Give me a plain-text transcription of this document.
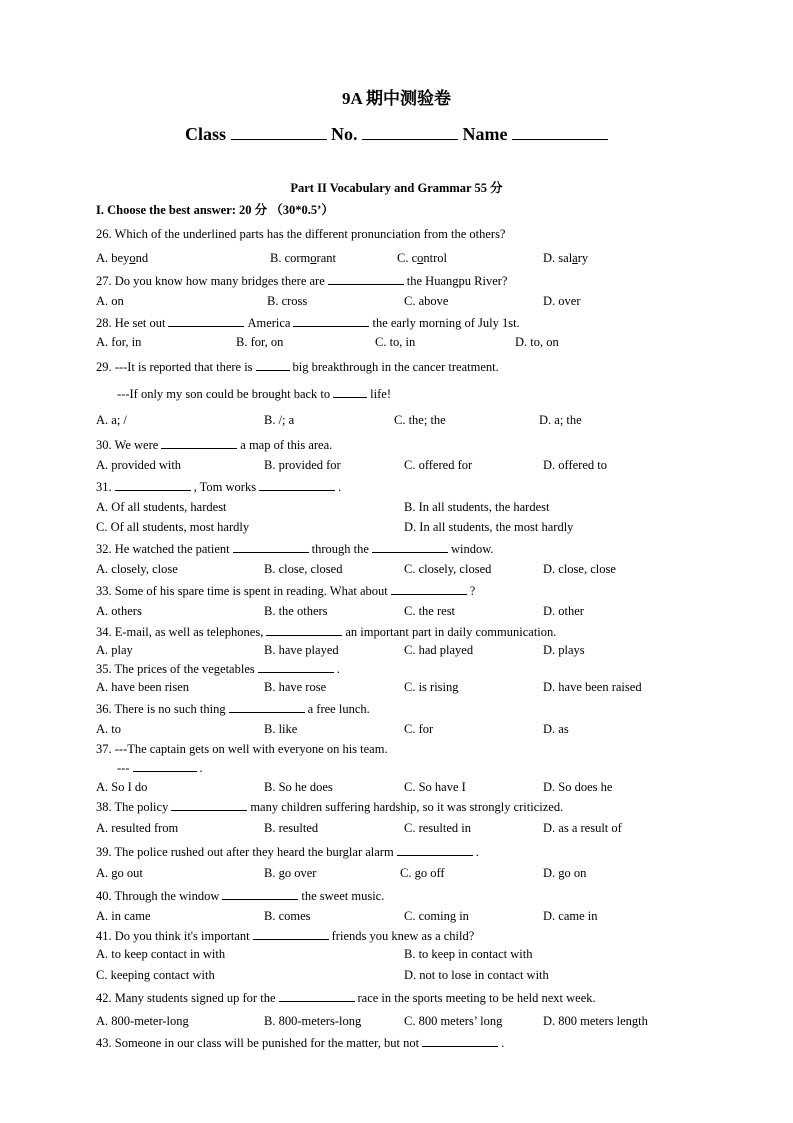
9A 期中测验卷
Class	No.	Name
Part II Vocabulary and Grammar 55 分
I. Choose the best answer: 20 分 （30*0.5’）
26. Which of the underlined parts has the different pronunciation from the others?
A. beyond	B. cormorant	C. control	D. salary
27. Do you know how many bridges there are	the Huangpu River?
A. on	B. cross	C. above	D. over
28. He set out	America	the early morning of July 1st.
A. for, in	B. for, on	C. to, in	D. to, on
29. ---It is reported that there is	big breakthrough in the cancer treatment.
---If only my son could be brought back to	life!
A. a; /	B. /; a	C. the; the	D. a; the
30. We were	a map of this area.
A. provided with	B. provided for	C. offered for	D. offered to
31.	, Tom works	.
A. Of all students, hardest	B. In all students, the hardest
C. Of all students, most hardly	D. In all students, the most hardly
32. He watched the patient	through the	window.
A. closely, close	B. close, closed	C. closely, closed	D. close, close
33. Some of his spare time is spent in reading. What about	?
A. others	B. the others	C. the rest	D. other
34. E-mail, as well as telephones,	an important part in daily communication.
A. play	B. have played	C. had played	D. plays
35. The prices of the vegetables	.
A. have been risen	B. have rose	C. is rising	D. have been raised
36. There is no such thing	a free lunch.
A. to	B. like	C. for	D. as
37. ---The captain gets on well with everyone on his team.
---	.
A. So I do	B. So he does	C. So have I	D. So does he
38. The policy	many children suffering hardship, so it was strongly criticized.
A. resulted from	B. resulted	C. resulted in	D. as a result of
39. The police rushed out after they heard the burglar alarm	.
A. go out	B. go over	C. go off	D. go on
40. Through the window	the sweet music.
A. in came	B. comes	C. coming in	D. came in
41. Do you think it's important	friends you knew as a child?
A. to keep contact in with	B. to keep in contact with
C. keeping contact with	D. not to lose in contact with
42. Many students signed up for the	race in the sports meeting to be held next week.
A. 800-meter-long	B. 800-meters-long	C. 800 meters’ long	D. 800 meters length
43. Someone in our class will be punished for the matter, but not	.
